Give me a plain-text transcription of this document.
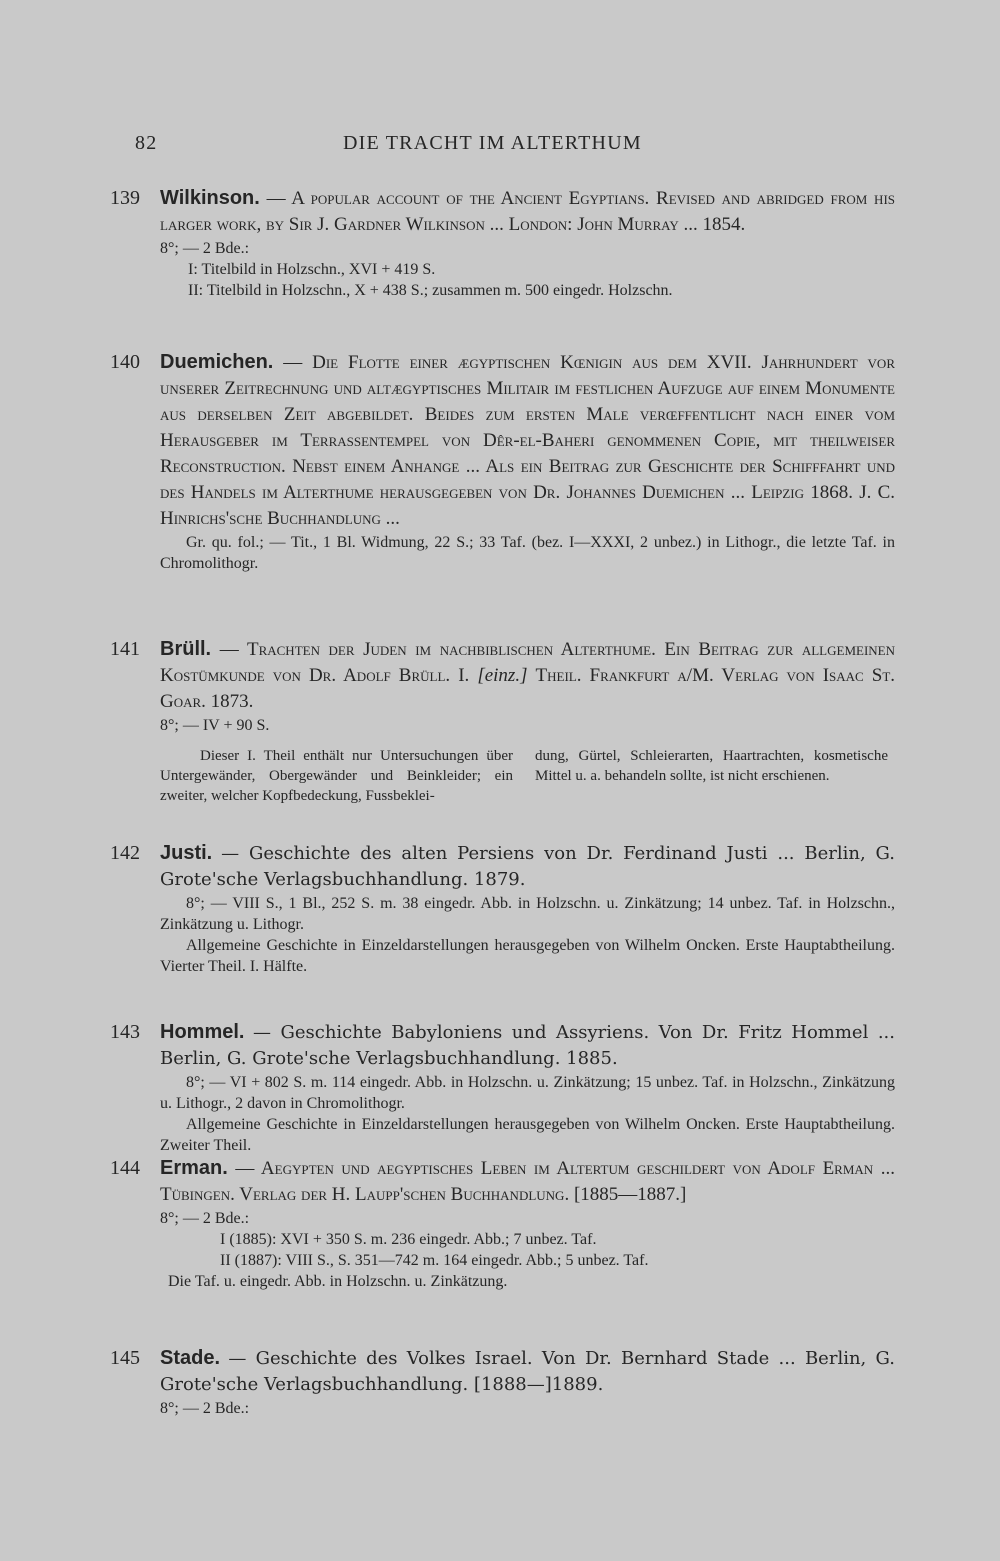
82	DIE TRACHT IM ALTERTHUM
139 Wilkinson. — A popular account of the Ancient Egyptians. Revised and abridged from his larger work, by Sir J. Gardner Wilkinson ... London: John Murray ... 1854.
8°; — 2 Bde.:
I: Titelbild in Holzschn., XVI + 419 S.
II: Titelbild in Holzschn., X + 438 S.; zusammen m. 500 eingedr. Holzschn.
140 Duemichen. — Die Flotte einer ægyptischen Kœnigin aus dem XVII. Jahrhundert vor unserer Zeitrechnung und altægyptisches Militair im festlichen Aufzuge auf einem Monumente aus derselben Zeit abgebildet. Beides zum ersten Male verœffentlicht nach einer vom Herausgeber im Terrassentempel von Dêr-el-Baheri genommenen Copie, mit theilweiser Reconstruction. Nebst einem Anhange ... Als ein Beitrag zur Geschichte der Schifffahrt und des Handels im Alterthume herausgegeben von Dr. Johannes Duemichen ... Leipzig 1868. J. C. Hinrichs'sche Buchhandlung ...
Gr. qu. fol.; — Tit., 1 Bl. Widmung, 22 S.; 33 Taf. (bez. I—XXXI, 2 unbez.) in Lithogr., die letzte Taf. in Chromolithogr.
141 Brüll. — Trachten der Juden im nachbiblischen Alterthume. Ein Beitrag zur allgemeinen Kostümkunde von Dr. Adolf Brüll. I. [einz.] Theil. Frankfurt a/M. Verlag von Isaac St. Goar. 1873.
8°; — IV + 90 S.
Dieser I. Theil enthält nur Untersuchungen über Untergewänder, Obergewänder und Beinkleider; ein zweiter, welcher Kopfbedeckung, Fussbeklei-
dung, Gürtel, Schleierarten, Haartrachten, kosmetische Mittel u. a. behandeln sollte, ist nicht erschienen.
142 Justi. — Geschichte des alten Persiens von Dr. Ferdinand Justi ... Berlin, G. Grote'sche Verlagsbuchhandlung. 1879.
8°; — VIII S., 1 Bl., 252 S. m. 38 eingedr. Abb. in Holzschn. u. Zinkätzung; 14 unbez. Taf. in Holzschn., Zinkätzung u. Lithogr.
Allgemeine Geschichte in Einzeldarstellungen herausgegeben von Wilhelm Oncken. Erste Hauptabtheilung. Vierter Theil. I. Hälfte.
143 Hommel. — Geschichte Babyloniens und Assyriens. Von Dr. Fritz Hommel ... Berlin, G. Grote'sche Verlagsbuchhandlung. 1885.
8°; — VI + 802 S. m. 114 eingedr. Abb. in Holzschn. u. Zinkätzung; 15 unbez. Taf. in Holzschn., Zinkätzung u. Lithogr., 2 davon in Chromolithogr.
Allgemeine Geschichte in Einzeldarstellungen herausgegeben von Wilhelm Oncken. Erste Hauptabtheilung. Zweiter Theil.
144 Erman. — Aegypten und aegyptisches Leben im Altertum geschildert von Adolf Erman ... Tübingen. Verlag der H. Laupp'schen Buchhandlung. [1885—1887.]
8°; — 2 Bde.:
I (1885): XVI + 350 S. m. 236 eingedr. Abb.; 7 unbez. Taf.
II (1887): VIII S., S. 351—742 m. 164 eingedr. Abb.; 5 unbez. Taf.
Die Taf. u. eingedr. Abb. in Holzschn. u. Zinkätzung.
145 Stade. — Geschichte des Volkes Israel. Von Dr. Bernhard Stade ... Berlin, G. Grote'sche Verlagsbuchhandlung. [1888—]1889.
8°; — 2 Bde.:
